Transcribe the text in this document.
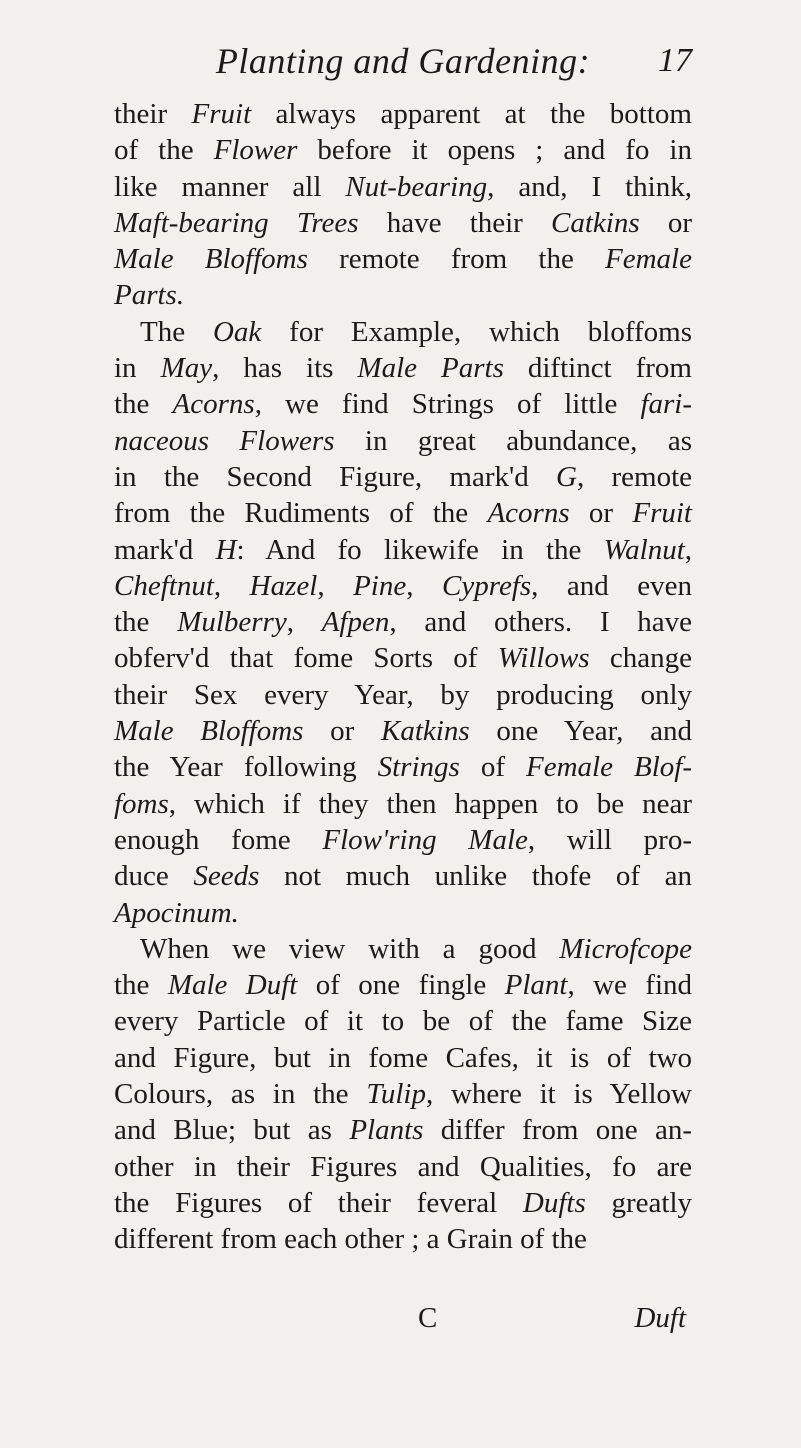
Planting and Gardening:	17
their Fruit always apparent at the bottom
of the Flower before it opens ; and fo in
like manner all Nut-bearing, and, I think,
Maft-bearing Trees have their Catkins or
Male Bloffoms remote from the Female
Parts.
The Oak for Example, which bloffoms
in May, has its Male Parts diftinct from
the Acorns, we find Strings of little fari-
naceous Flowers in great abundance, as
in the Second Figure, mark'd G, remote
from the Rudiments of the Acorns or Fruit
mark'd H: And fo likewife in the Walnut,
Cheftnut, Hazel, Pine, Cyprefs, and even
the Mulberry, Afpen, and others. I have
obferv'd that fome Sorts of Willows change
their Sex every Year, by producing only
Male Bloffoms or Katkins one Year, and
the Year following Strings of Female Blof-
foms, which if they then happen to be near
enough fome Flow'ring Male, will pro-
duce Seeds not much unlike thofe of an
Apocinum.
When we view with a good Microfcope
the Male Duft of one fingle Plant, we find
every Particle of it to be of the fame Size
and Figure, but in fome Cafes, it is of two
Colours, as in the Tulip, where it is Yellow
and Blue; but as Plants differ from one an-
other in their Figures and Qualities, fo are
the Figures of their feveral Dufts greatly
different from each other ; a Grain of the
C	Duft
